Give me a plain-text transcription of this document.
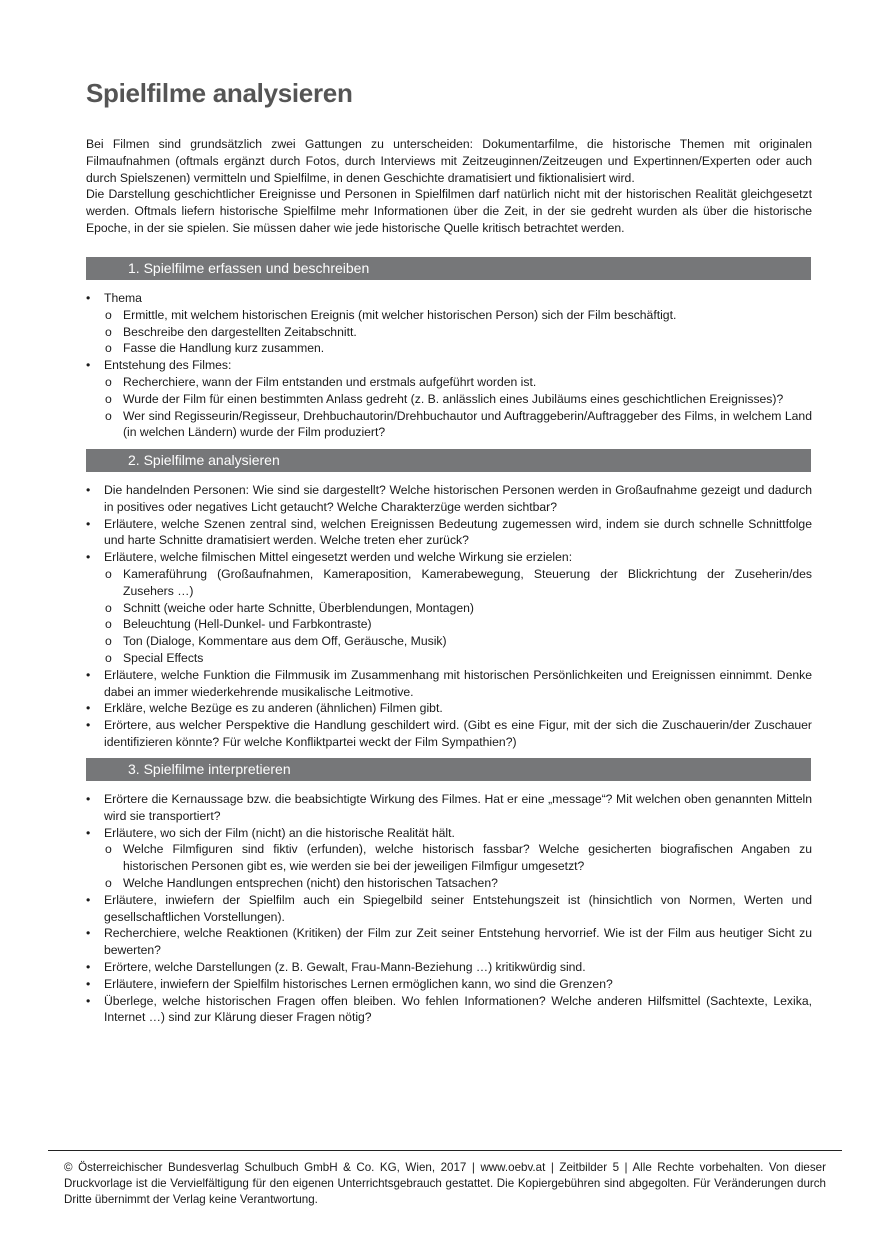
Spielfilme analysieren

Bei Filmen sind grundsätzlich zwei Gattungen zu unterscheiden: Dokumentarfilme, die historische Themen mit originalen Filmaufnahmen (oftmals ergänzt durch Fotos, durch Interviews mit Zeitzeuginnen/Zeitzeugen und Expertinnen/Experten oder auch durch Spielszenen) vermitteln und Spielfilme, in denen Geschichte dramatisiert und fiktionalisiert wird.

Die Darstellung geschichtlicher Ereignisse und Personen in Spielfilmen darf natürlich nicht mit der historischen Realität gleichgesetzt werden. Oftmals liefern historische Spielfilme mehr Informationen über die Zeit, in der sie gedreht wurden als über die historische Epoche, in der sie spielen. Sie müssen daher wie jede historische Quelle kritisch betrachtet werden.

1. Spielfilme erfassen und beschreiben
• Thema
o Ermittle, mit welchem historischen Ereignis (mit welcher historischen Person) sich der Film beschäftigt.
o Beschreibe den dargestellten Zeitabschnitt.
o Fasse die Handlung kurz zusammen.
• Entstehung des Filmes:
o Recherchiere, wann der Film entstanden und erstmals aufgeführt worden ist.
o Wurde der Film für einen bestimmten Anlass gedreht (z. B. anlässlich eines Jubiläums eines geschichtlichen Ereignisses)?
o Wer sind Regisseurin/Regisseur, Drehbuchautorin/Drehbuchautor und Auftraggeberin/Auftraggeber des Films, in welchem Land (in welchen Ländern) wurde der Film produziert?
2. Spielfilme analysieren
• Die handelnden Personen: Wie sind sie dargestellt? Welche historischen Personen werden in Großaufnahme gezeigt und dadurch in positives oder negatives Licht getaucht? Welche Charakterzüge werden sichtbar?
• Erläutere, welche Szenen zentral sind, welchen Ereignissen Bedeutung zugemessen wird, indem sie durch schnelle Schnittfolge und harte Schnitte dramatisiert werden. Welche treten eher zurück?
• Erläutere, welche filmischen Mittel eingesetzt werden und welche Wirkung sie erzielen:
o Kameraführung (Großaufnahmen, Kameraposition, Kamerabewegung, Steuerung der Blickrichtung der Zuseherin/des Zusehers …)
o Schnitt (weiche oder harte Schnitte, Überblendungen, Montagen)
o Beleuchtung (Hell-Dunkel- und Farbkontraste)
o Ton (Dialoge, Kommentare aus dem Off, Geräusche, Musik)
o Special Effects
• Erläutere, welche Funktion die Filmmusik im Zusammenhang mit historischen Persönlichkeiten und Ereignissen einnimmt. Denke dabei an immer wiederkehrende musikalische Leitmotive.
• Erkläre, welche Bezüge es zu anderen (ähnlichen) Filmen gibt.
• Erörtere, aus welcher Perspektive die Handlung geschildert wird. (Gibt es eine Figur, mit der sich die Zuschauerin/der Zuschauer identifizieren könnte? Für welche Konfliktpartei weckt der Film Sympathien?)
3. Spielfilme interpretieren
• Erörtere die Kernaussage bzw. die beabsichtigte Wirkung des Filmes. Hat er eine „message“? Mit welchen oben genannten Mitteln wird sie transportiert?
• Erläutere, wo sich der Film (nicht) an die historische Realität hält.
o Welche Filmfiguren sind fiktiv (erfunden), welche historisch fassbar? Welche gesicherten biografischen Angaben zu historischen Personen gibt es, wie werden sie bei der jeweiligen Filmfigur umgesetzt?
o Welche Handlungen entsprechen (nicht) den historischen Tatsachen?
• Erläutere, inwiefern der Spielfilm auch ein Spiegelbild seiner Entstehungszeit ist (hinsichtlich von Normen, Werten und gesellschaftlichen Vorstellungen).
• Recherchiere, welche Reaktionen (Kritiken) der Film zur Zeit seiner Entstehung hervorrief. Wie ist der Film aus heutiger Sicht zu bewerten?
• Erörtere, welche Darstellungen (z. B. Gewalt, Frau-Mann-Beziehung …) kritikwürdig sind.
• Erläutere, inwiefern der Spielfilm historisches Lernen ermöglichen kann, wo sind die Grenzen?
• Überlege, welche historischen Fragen offen bleiben. Wo fehlen Informationen? Welche anderen Hilfsmittel (Sachtexte, Lexika, Internet …) sind zur Klärung dieser Fragen nötig?
© Österreichischer Bundesverlag Schulbuch GmbH & Co. KG, Wien, 2017 | www.oebv.at | Zeitbilder 5 | Alle Rechte vorbehalten. Von dieser Druckvorlage ist die Vervielfältigung für den eigenen Unterrichtsgebrauch gestattet. Die Kopiergebühren sind abgegolten. Für Veränderungen durch Dritte übernimmt der Verlag keine Verantwortung.
